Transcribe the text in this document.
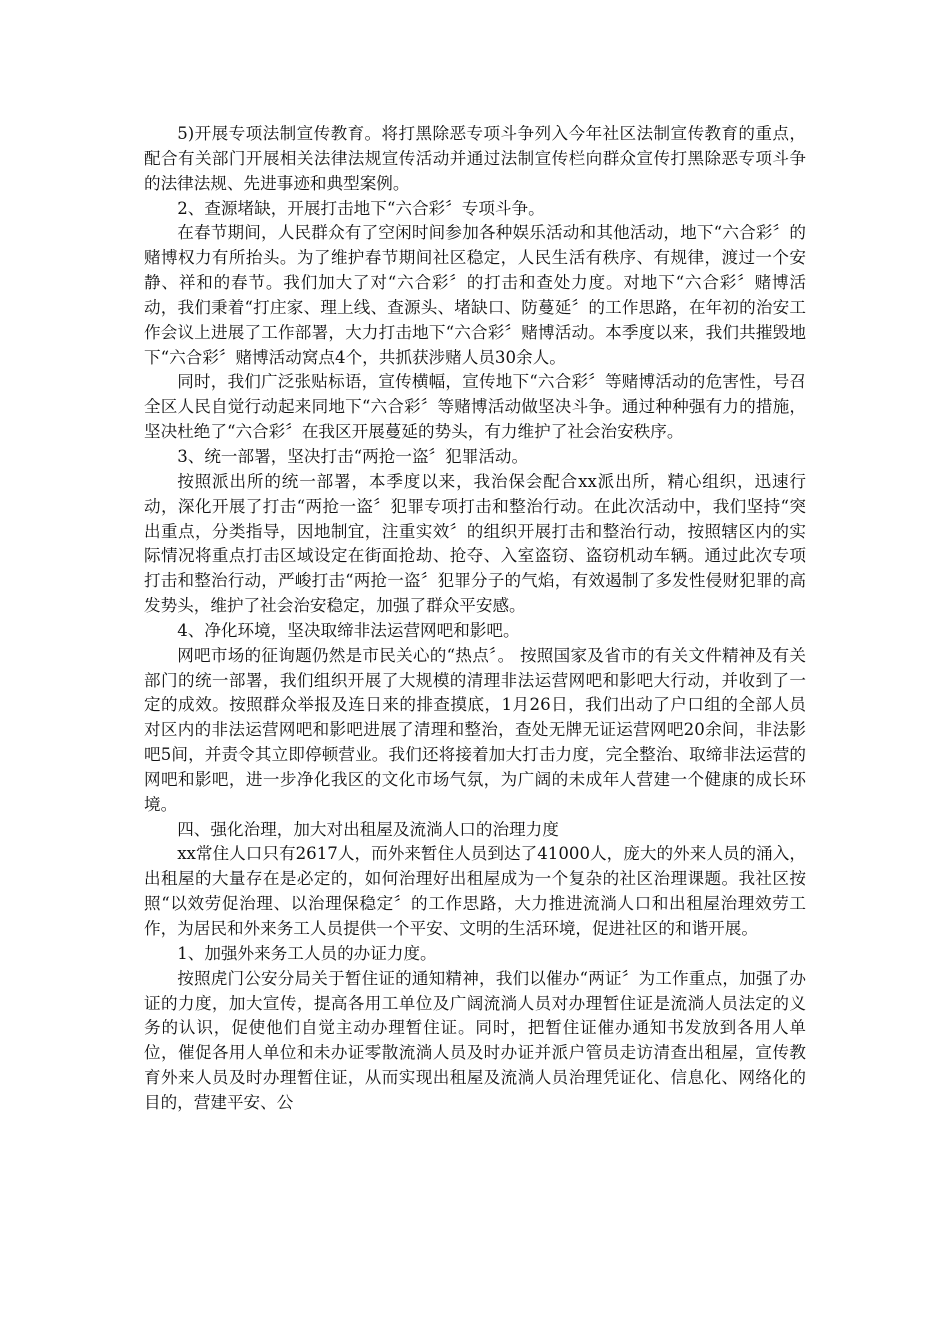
5)开展专项法制宣传教育。将打黑除恶专项斗争列入今年社区法制宣传教育的重点，配合有关部门开展相关法律法规宣传活动并通过法制宣传栏向群众宣传打黑除恶专项斗争的法律法规、先进事迹和典型案例。

2、查源堵缺，开展打击地下“六合彩〞专项斗争。

在春节期间，人民群众有了空闲时间参加各种娱乐活动和其他活动，地下“六合彩〞的赌博权力有所抬头。为了维护春节期间社区稳定，人民生活有秩序、有规律，渡过一个安静、祥和的春节。我们加大了对“六合彩〞的打击和查处力度。对地下“六合彩〞赌博活动，我们秉着“打庄家、理上线、查源头、堵缺口、防蔓延〞的工作思路，在年初的治安工作会议上进展了工作部署，大力打击地下“六合彩〞赌博活动。本季度以来，我们共摧毁地下“六合彩〞赌博活动窝点4个，共抓获涉赌人员30余人。

同时，我们广泛张贴标语，宣传横幅，宣传地下“六合彩〞等赌博活动的危害性，号召全区人民自觉行动起来同地下“六合彩〞等赌博活动做坚决斗争。通过种种强有力的措施，坚决杜绝了“六合彩〞在我区开展蔓延的势头，有力维护了社会治安秩序。

3、统一部署，坚决打击“两抢一盗〞犯罪活动。

按照派出所的统一部署，本季度以来，我治保会配合xx派出所，精心组织，迅速行动，深化开展了打击“两抢一盗〞犯罪专项打击和整治行动。在此次活动中，我们坚持“突出重点，分类指导，因地制宜，注重实效〞的组织开展打击和整治行动，按照辖区内的实际情况将重点打击区域设定在街面抢劫、抢夺、入室盗窃、盗窃机动车辆。通过此次专项打击和整治行动，严峻打击“两抢一盗〞犯罪分子的气焰，有效遏制了多发性侵财犯罪的高发势头，维护了社会治安稳定，加强了群众平安感。

4、净化环境，坚决取缔非法运营网吧和影吧。

网吧市场的征询题仍然是市民关心的“热点〞。 按照国家及省市的有关文件精神及有关部门的统一部署，我们组织开展了大规模的清理非法运营网吧和影吧大行动，并收到了一定的成效。按照群众举报及连日来的排查摸底，1月26日，我们出动了户口组的全部人员对区内的非法运营网吧和影吧进展了清理和整治，查处无牌无证运营网吧20余间，非法影吧5间，并责令其立即停顿营业。我们还将接着加大打击力度，完全整治、取缔非法运营的网吧和影吧，进一步净化我区的文化市场气氛，为广阔的未成年人营建一个健康的成长环境。

四、强化治理，加大对出租屋及流淌人口的治理力度

xx常住人口只有2617人，而外来暂住人员到达了41000人，庞大的外来人员的涌入，出租屋的大量存在是必定的，如何治理好出租屋成为一个复杂的社区治理课题。我社区按照“以效劳促治理、以治理保稳定〞的工作思路，大力推进流淌人口和出租屋治理效劳工作，为居民和外来务工人员提供一个平安、文明的生活环境，促进社区的和谐开展。

1、加强外来务工人员的办证力度。

按照虎门公安分局关于暂住证的通知精神，我们以催办“两证〞为工作重点，加强了办证的力度，加大宣传，提高各用工单位及广阔流淌人员对办理暂住证是流淌人员法定的义务的认识，促使他们自觉主动办理暂住证。同时，把暂住证催办通知书发放到各用人单位，催促各用人单位和未办证零散流淌人员及时办证并派户管员走访清查出租屋，宣传教育外来人员及时办理暂住证，从而实现出租屋及流淌人员治理凭证化、信息化、网络化的目的，营建平安、公
